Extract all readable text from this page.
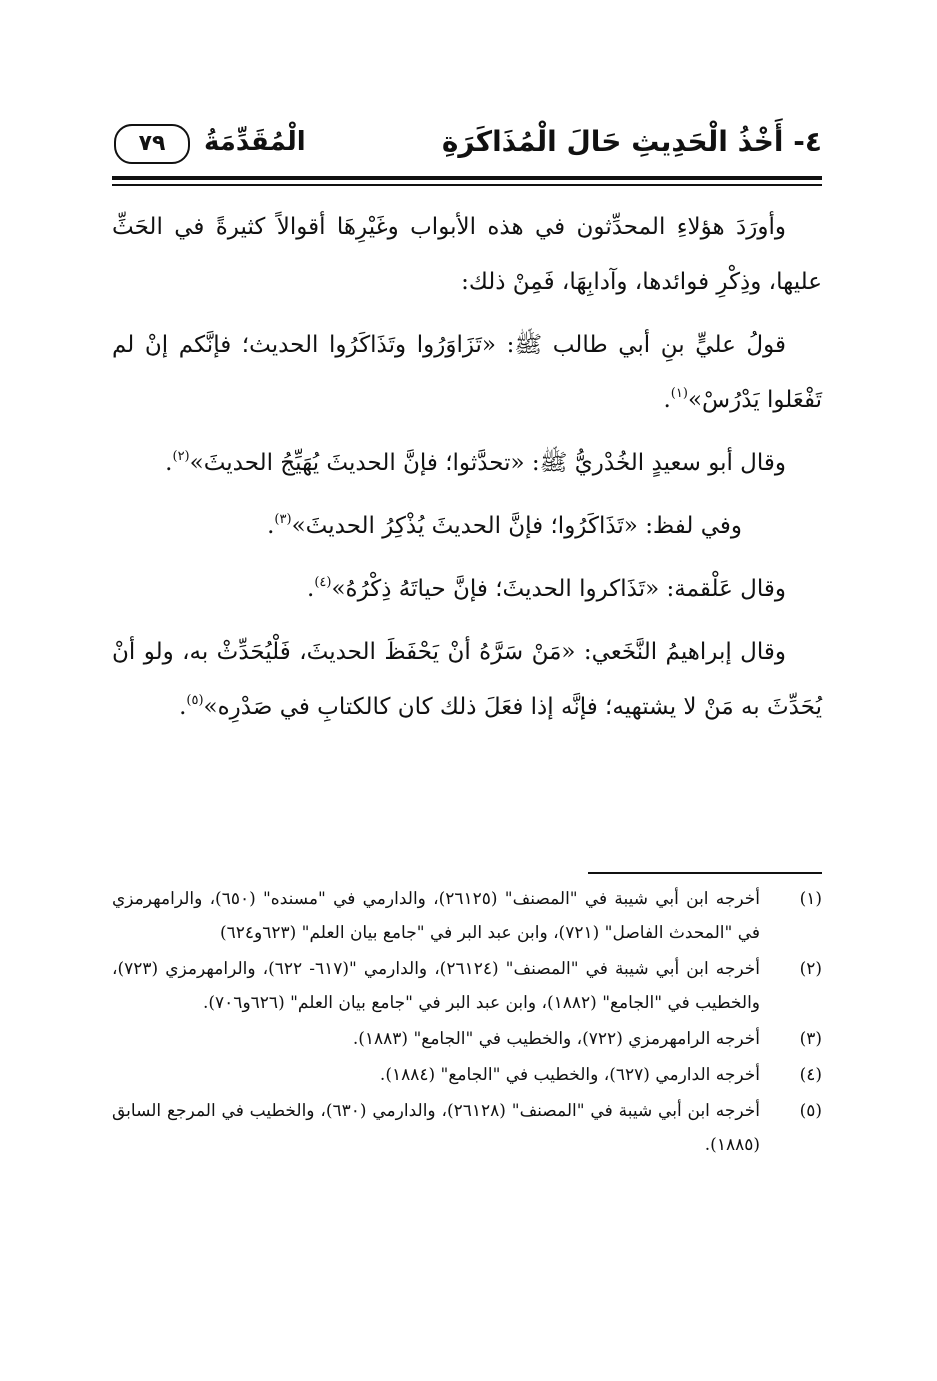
٤- أَخْذُ الْحَدِيثِ حَالَ الْمُذَاكَرَةِ
الْمُقَدِّمَةُ
٧٩

وأورَدَ هؤلاءِ المحدِّثون في هذه الأبواب وغَيْرِهَا أقوالاً كثيرةً في الحَثِّ عليها، وذِكْرِ فوائدها، وآدابِهَا، فَمِنْ ذلك:

قولُ عليٍّ بنِ أبي طالب ﷺ: «تَزَاوَرُوا وتَذَاكَرُوا الحديث؛ فإنَّكم إنْ لم تَفْعَلوا يَدْرُسْ»$^{(١)}$.

وقال أبو سعيدٍ الخُدْريُّ ﷺ: «تحدَّثوا؛ فإنَّ الحديثَ يُهَيِّجُ الحديثَ»$^{(٢)}$.

وفي لفظ: «تَذَاكَرُوا؛ فإنَّ الحديثَ يُذْكِرُ الحديثَ»$^{(٣)}$.

وقال عَلْقمة: «تَذَاكروا الحديثَ؛ فإنَّ حياتَهُ ذِكْرُهُ»$^{(٤)}$.

وقال إبراهيمُ النَّخَعي: «مَنْ سَرَّهُ أنْ يَحْفَظَ الحديثَ، فَلْيُحَدِّثْ به، ولو أنْ يُحَدِّثَ به مَنْ لا يشتهيه؛ فإنَّه إذا فعَلَ ذلك كان كالكتابِ في صَدْرِه»$^{(٥)}$.

(١)
أخرجه ابن أبي شيبة في "المصنف" (٢٦١٢٥)، والدارمي في "مسنده" (٦٥٠)، والرامهرمزي في "المحدث الفاصل" (٧٢١)، وابن عبد البر في "جامع بيان العلم" (٦٢٣و٦٢٤)
(٢)
أخرجه ابن أبي شيبة في "المصنف" (٢٦١٢٤)، والدارمي "(٦١٧- ٦٢٢)، والرامهرمزي (٧٢٣)، والخطيب في "الجامع" (١٨٨٢)، وابن عبد البر في "جامع بيان العلم" (٦٢٦و٧٠٦).
(٣)
أخرجه الرامهرمزي (٧٢٢)، والخطيب في "الجامع" (١٨٨٣).
(٤)
أخرجه الدارمي (٦٢٧)، والخطيب في "الجامع" (١٨٨٤).
(٥)
أخرجه ابن أبي شيبة في "المصنف" (٢٦١٢٨)، والدارمي (٦٣٠)، والخطيب في المرجع السابق (١٨٨٥).
